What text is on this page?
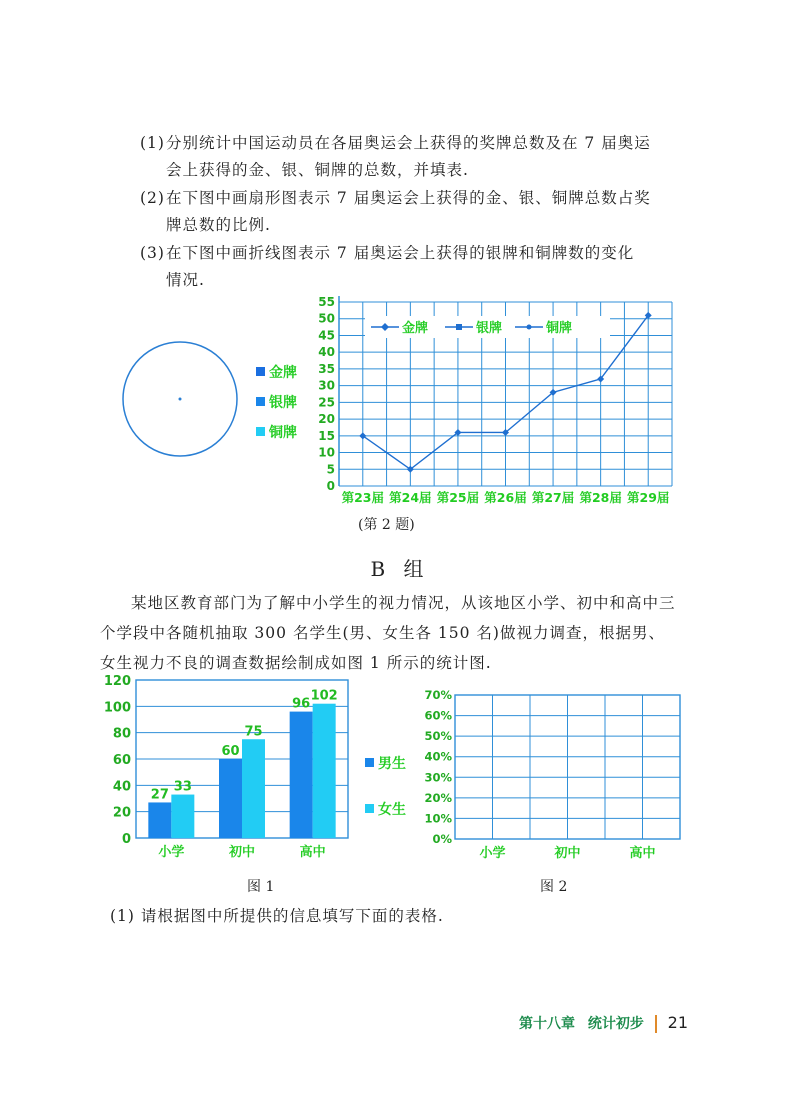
(1)分别统计中国运动员在各届奥运会上获得的奖牌总数及在 7 届奥运
会上获得的金、银、铜牌的总数，并填表.
(2)在下图中画扇形图表示 7 届奥运会上获得的金、银、铜牌总数占奖
牌总数的比例.
(3)在下图中画折线图表示 7 届奥运会上获得的银牌和铜牌数的变化
情况.
金牌
银牌
铜牌
0
5
10
15
20
25
30
35
40
45
50
55
第23届 第24届 第25届 第26届 第27届 第28届 第29届
金牌	银牌	铜牌
(第 2 题)
B 组
某地区教育部门为了解中小学生的视力情况，从该地区小学、初中和高中三个学段中各随机抽取 300 名学生(男、女生各 150 名)做视力调查，根据男、女生视力不良的调查数据绘制成如图 1 所示的统计图.
0
20
40
60
80
100
120
27
33
60
75
96
102
小学	初中	高中
男生
女生
0%
10%
20%
30%
40%
50%
60%
70%
小学	初中	高中
图 1	图 2
(1) 请根据图中所提供的信息填写下面的表格.
第十八章 统计初步 21
